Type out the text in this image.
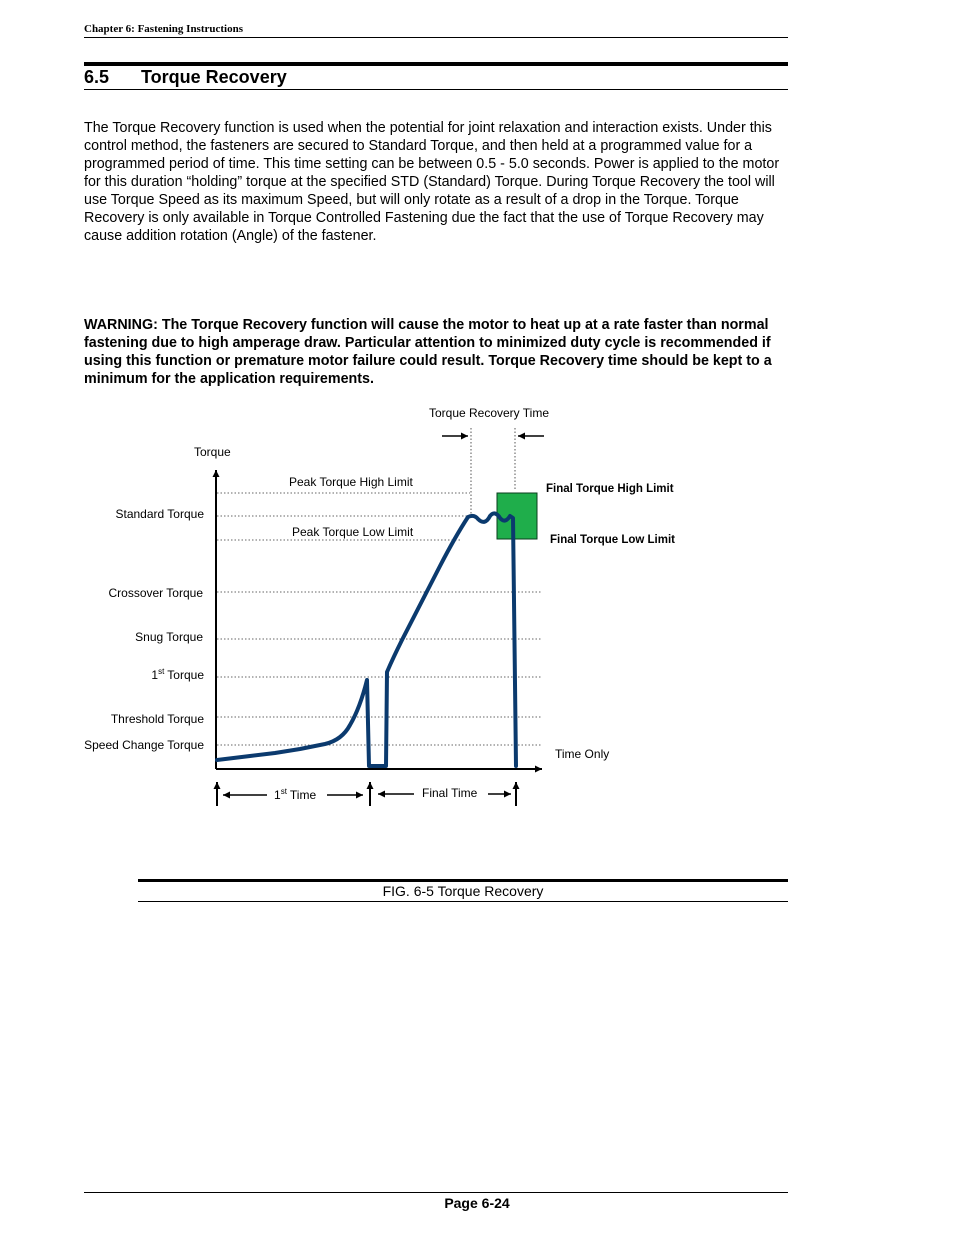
Chapter 6: Fastening Instructions
6.5 Torque Recovery

The Torque Recovery function is used when the potential for joint relaxation and interaction exists. Under this control method, the fasteners are secured to Standard Torque, and then held at a programmed value for a programmed period of time. This time setting can be between 0.5 - 5.0 seconds. Power is applied to the motor for this duration “holding” torque at the specified STD (Standard) Torque. During Torque Recovery the tool will use Torque Speed as its maximum Speed, but will only rotate as a result of a drop in the Torque. Torque Recovery is only available in Torque Controlled Fastening due the fact that the use of Torque Recovery may cause addition rotation (Angle) of the fastener.

WARNING: The Torque Recovery function will cause the motor to heat up at a rate faster than normal fastening due to high amperage draw. Particular attention to minimized duty cycle is recommended if using this function or premature motor failure could result. Torque Recovery time should be kept to a minimum for the application requirements.

Torque Recovery Time
Torque
Time Only
Peak Torque High Limit
Peak Torque Low Limit
Standard Torque
Crossover Torque
Snug Torque
1st Torque
Threshold Torque
Speed Change Torque
Final Torque High Limit
Final Torque Low Limit
1st Time	Final Time
FIG. 6-5 Torque Recovery
Page 6-24
